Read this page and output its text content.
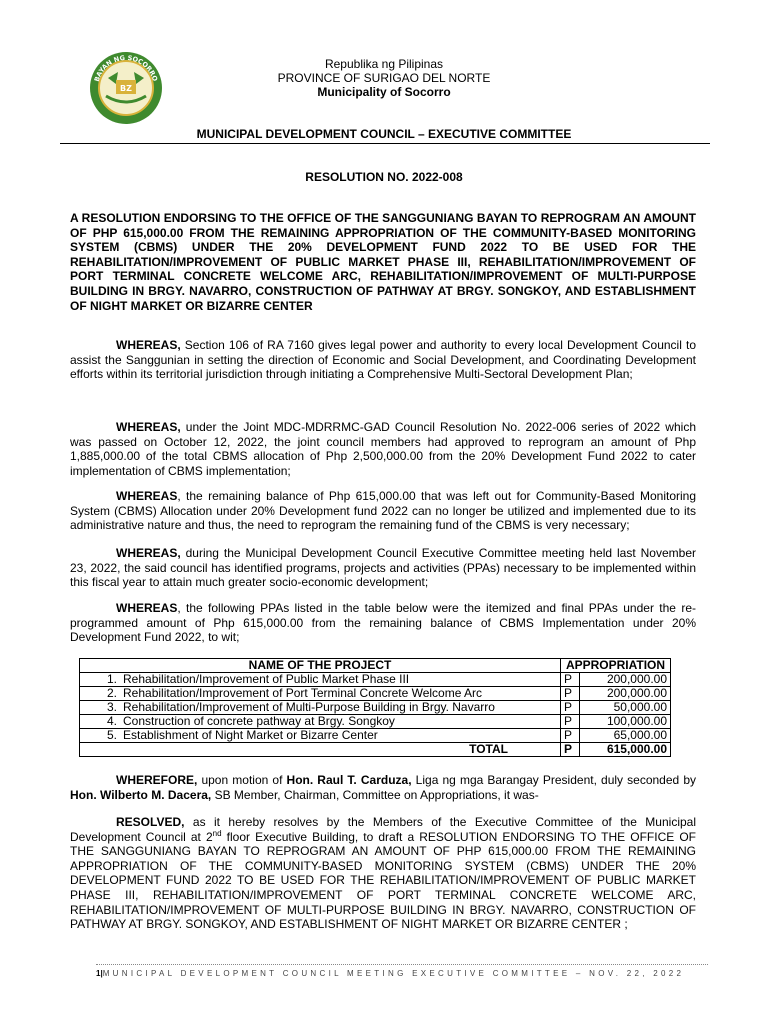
BAYAN NG SOCORRO
BZ
Republika ng Pilipinas
PROVINCE OF SURIGAO DEL NORTE
Municipality of Socorro
MUNICIPAL DEVELOPMENT COUNCIL – EXECUTIVE COMMITTEE
RESOLUTION NO. 2022-008
A RESOLUTION ENDORSING TO THE OFFICE OF THE SANGGUNIANG BAYAN TO REPROGRAM AN AMOUNT OF PHP 615,000.00 FROM THE REMAINING APPROPRIATION OF THE COMMUNITY-BASED MONITORING SYSTEM (CBMS) UNDER THE 20% DEVELOPMENT FUND 2022 TO BE USED FOR THE REHABILITATION/IMPROVEMENT OF PUBLIC MARKET PHASE III, REHABILITATION/IMPROVEMENT OF PORT TERMINAL CONCRETE WELCOME ARC, REHABILITATION/IMPROVEMENT OF MULTI-PURPOSE BUILDING IN BRGY. NAVARRO, CONSTRUCTION OF PATHWAY AT BRGY. SONGKOY, AND ESTABLISHMENT OF NIGHT MARKET OR BIZARRE CENTER
WHEREAS, Section 106 of RA 7160 gives legal power and authority to every local Development Council to assist the Sanggunian in setting the direction of Economic and Social Development, and Coordinating Development efforts within its territorial jurisdiction through initiating a Comprehensive Multi-Sectoral Development Plan;
WHEREAS, under the Joint MDC-MDRRMC-GAD Council Resolution No. 2022-006 series of 2022 which was passed on October 12, 2022, the joint council members had approved to reprogram an amount of Php 1,885,000.00 of the total CBMS allocation of Php 2,500,000.00 from the 20% Development Fund 2022 to cater implementation of CBMS implementation;
WHEREAS, the remaining balance of Php 615,000.00 that was left out for Community-Based Monitoring System (CBMS) Allocation under 20% Development fund 2022 can no longer be utilized and implemented due to its administrative nature and thus, the need to reprogram the remaining fund of the CBMS is very necessary;
WHEREAS, during the Municipal Development Council Executive Committee meeting held last November 23, 2022, the said council has identified programs, projects and activities (PPAs) necessary to be implemented within this fiscal year to attain much greater socio-economic development;
WHEREAS, the following PPAs listed in the table below were the itemized and final PPAs under the re-programmed amount of Php 615,000.00 from the remaining balance of CBMS Implementation under 20% Development Fund 2022, to wit;
NAME OF THE PROJECT		APPROPRIATION	
1.	Rehabilitation/Improvement of Public Market Phase III	P	200,000.00
2.	Rehabilitation/Improvement of Port Terminal Concrete Welcome Arc	P	200,000.00
3.	Rehabilitation/Improvement of Multi-Purpose Building in Brgy. Navarro	P	50,000.00
4.	Construction of concrete pathway at Brgy. Songkoy	P	100,000.00
5.	Establishment of Night Market or Bizarre Center	P	65,000.00
TOTAL		P	615,000.00
WHEREFORE, upon motion of Hon. Raul T. Carduza, Liga ng mga Barangay President, duly seconded by Hon. Wilberto M. Dacera, SB Member, Chairman, Committee on Appropriations, it was-
RESOLVED, as it hereby resolves by the Members of the Executive Committee of the Municipal Development Council at 2nd floor Executive Building, to draft a RESOLUTION ENDORSING TO THE OFFICE OF THE SANGGUNIANG BAYAN TO REPROGRAM AN AMOUNT OF PHP 615,000.00 FROM THE REMAINING APPROPRIATION OF THE COMMUNITY-BASED MONITORING SYSTEM (CBMS) UNDER THE 20% DEVELOPMENT FUND 2022 TO BE USED FOR THE REHABILITATION/IMPROVEMENT OF PUBLIC MARKET PHASE III, REHABILITATION/IMPROVEMENT OF PORT TERMINAL CONCRETE WELCOME ARC, REHABILITATION/IMPROVEMENT OF MULTI-PURPOSE BUILDING IN BRGY. NAVARRO, CONSTRUCTION OF PATHWAY AT BRGY. SONGKOY, AND ESTABLISHMENT OF NIGHT MARKET OR BIZARRE CENTER ;
1|MUNICIPAL DEVELOPMENT COUNCIL MEETING EXECUTIVE COMMITTEE – NOV. 22, 2022
